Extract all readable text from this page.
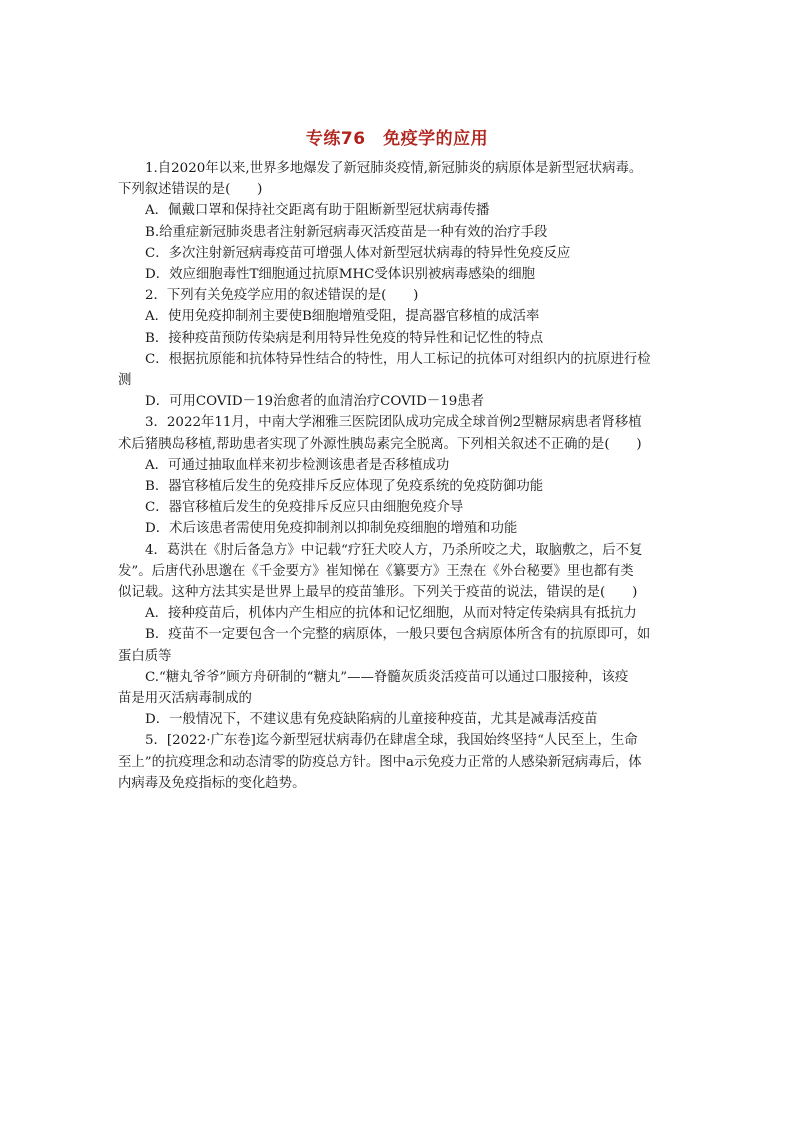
专练76　免疫学的应用
1.自2020年以来,世界多地爆发了新冠肺炎疫情,新冠肺炎的病原体是新型冠状病毒。
下列叙述错误的是(　　)
A．佩戴口罩和保持社交距离有助于阻断新型冠状病毒传播
B.给重症新冠肺炎患者注射新冠病毒灭活疫苗是一种有效的治疗手段
C．多次注射新冠病毒疫苗可增强人体对新型冠状病毒的特异性免疫反应
D．效应细胞毒性T细胞通过抗原MHC受体识别被病毒感染的细胞
2．下列有关免疫学应用的叙述错误的是(　　)
A．使用免疫抑制剂主要使B细胞增殖受阻，提高器官移植的成活率
B．接种疫苗预防传染病是利用特异性免疫的特异性和记忆性的特点
C．根据抗原能和抗体特异性结合的特性，用人工标记的抗体可对组织内的抗原进行检
测
D．可用COVID－19治愈者的血清治疗COVID－19患者
3．2022年11月，中南大学湘雅三医院团队成功完成全球首例2型糖尿病患者肾移植
术后猪胰岛移植,帮助患者实现了外源性胰岛素完全脱离。下列相关叙述不正确的是(　　)
A．可通过抽取血样来初步检测该患者是否移植成功
B．器官移植后发生的免疫排斥反应体现了免疫系统的免疫防御功能
C．器官移植后发生的免疫排斥反应只由细胞免疫介导
D．术后该患者需使用免疫抑制剂以抑制免疫细胞的增殖和功能
4．葛洪在《肘后备急方》中记载“疗狂犬咬人方，乃杀所咬之犬，取脑敷之，后不复
发”。后唐代孙思邈在《千金要方》崔知悌在《纂要方》王焘在《外台秘要》里也都有类
似记载。这种方法其实是世界上最早的疫苗雏形。下列关于疫苗的说法，错误的是(　　)
A．接种疫苗后，机体内产生相应的抗体和记忆细胞，从而对特定传染病具有抵抗力
B．疫苗不一定要包含一个完整的病原体，一般只要包含病原体所含有的抗原即可，如
蛋白质等
C.“糖丸爷爷”顾方舟研制的“糖丸”——脊髓灰质炎活疫苗可以通过口服接种，该疫
苗是用灭活病毒制成的
D．一般情况下，不建议患有免疫缺陷病的儿童接种疫苗，尤其是减毒活疫苗
5．[2022·广东卷]迄今新型冠状病毒仍在肆虐全球，我国始终坚持“人民至上，生命
至上”的抗疫理念和动态清零的防疫总方针。图中a示免疫力正常的人感染新冠病毒后，体
内病毒及免疫指标的变化趋势。
